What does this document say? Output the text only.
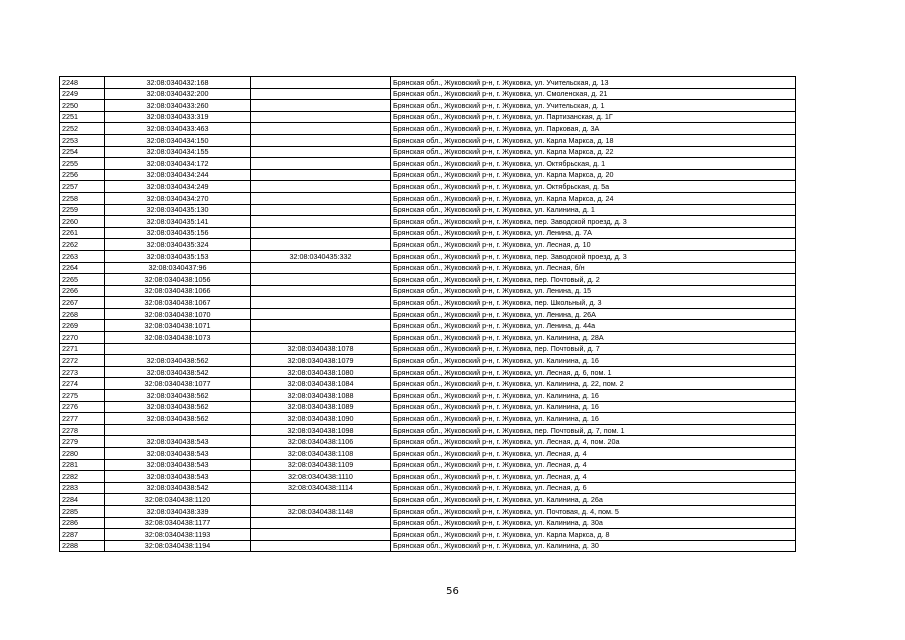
2248	32:08:0340432:168		Брянская обл., Жуковский р-н, г. Жуковка, ул. Учительская, д. 13
2249	32:08:0340432:200		Брянская обл., Жуковский р-н, г. Жуковка, ул. Смоленская, д. 21
2250	32:08:0340433:260		Брянская обл., Жуковский р-н, г. Жуковка, ул. Учительская, д. 1
2251	32:08:0340433:319		Брянская обл., Жуковский р-н, г. Жуковка, ул. Партизанская, д. 1Г
2252	32:08:0340433:463		Брянская обл., Жуковский р-н, г. Жуковка, ул. Парковая, д. 3А
2253	32:08:0340434:150		Брянская обл., Жуковский р-н, г. Жуковка, ул. Карла Маркса, д. 18
2254	32:08:0340434:155		Брянская обл., Жуковский р-н, г. Жуковка, ул. Карла Маркса, д. 22
2255	32:08:0340434:172		Брянская обл., Жуковский р-н, г. Жуковка, ул. Октябрьская, д. 1
2256	32:08:0340434:244		Брянская обл., Жуковский р-н, г. Жуковка, ул. Карла Маркса, д. 20
2257	32:08:0340434:249		Брянская обл., Жуковский р-н, г. Жуковка, ул. Октябрьская, д. 5а
2258	32:08:0340434:270		Брянская обл., Жуковский р-н, г. Жуковка, ул. Карла Маркса, д. 24
2259	32:08:0340435:130		Брянская обл., Жуковский р-н, г. Жуковка, ул. Калинина, д. 1
2260	32:08:0340435:141		Брянская обл., Жуковский р-н, г. Жуковка, пер. Заводской проезд, д. 3
2261	32:08:0340435:156		Брянская обл., Жуковский р-н, г. Жуковка, ул. Ленина, д. 7А
2262	32:08:0340435:324		Брянская обл., Жуковский р-н, г. Жуковка, ул. Лесная, д. 10
2263	32:08:0340435:153	32:08:0340435:332	Брянская обл., Жуковский р-н, г. Жуковка, пер. Заводской проезд, д. 3
2264	32:08:0340437:96		Брянская обл., Жуковский р-н, г. Жуковка, ул. Лесная, б/н
2265	32:08:0340438:1056		Брянская обл., Жуковский р-н, г. Жуковка, пер. Почтовый, д. 2
2266	32:08:0340438:1066		Брянская обл., Жуковский р-н, г. Жуковка, ул. Ленина, д. 15
2267	32:08:0340438:1067		Брянская обл., Жуковский р-н, г. Жуковка, пер. Школьный, д. 3
2268	32:08:0340438:1070		Брянская обл., Жуковский р-н, г. Жуковка, ул. Ленина, д. 26А
2269	32:08:0340438:1071		Брянская обл., Жуковский р-н, г. Жуковка, ул. Ленина, д. 44а
2270	32:08:0340438:1073		Брянская обл., Жуковский р-н, г. Жуковка, ул. Калинина, д. 28А
2271		32:08:0340438:1078	Брянская обл., Жуковский р-н, г. Жуковка, пер. Почтовый, д. 7
2272	32:08:0340438:562	32:08:0340438:1079	Брянская обл., Жуковский р-н, г. Жуковка, ул. Калинина, д. 16
2273	32:08:0340438:542	32:08:0340438:1080	Брянская обл., Жуковский р-н, г. Жуковка, ул. Лесная, д. 6, пом. 1
2274	32:08:0340438:1077	32:08:0340438:1084	Брянская обл., Жуковский р-н, г. Жуковка, ул. Калинина, д. 22, пом. 2
2275	32:08:0340438:562	32:08:0340438:1088	Брянская обл., Жуковский р-н, г. Жуковка, ул. Калинина, д. 16
2276	32:08:0340438:562	32:08:0340438:1089	Брянская обл., Жуковский р-н, г. Жуковка, ул. Калинина, д. 16
2277	32:08:0340438:562	32:08:0340438:1090	Брянская обл., Жуковский р-н, г. Жуковка, ул. Калинина, д. 16
2278		32:08:0340438:1098	Брянская обл., Жуковский р-н, г. Жуковка, пер. Почтовый, д. 7, пом. 1
2279	32:08:0340438:543	32:08:0340438:1106	Брянская обл., Жуковский р-н, г. Жуковка, ул. Лесная, д. 4, пом. 20а
2280	32:08:0340438:543	32:08:0340438:1108	Брянская обл., Жуковский р-н, г. Жуковка, ул. Лесная, д. 4
2281	32:08:0340438:543	32:08:0340438:1109	Брянская обл., Жуковский р-н, г. Жуковка, ул. Лесная, д. 4
2282	32:08:0340438:543	32:08:0340438:1110	Брянская обл., Жуковский р-н, г. Жуковка, ул. Лесная, д. 4
2283	32:08:0340438:542	32:08:0340438:1114	Брянская обл., Жуковский р-н, г. Жуковка, ул. Лесная, д. 6
2284	32:08:0340438:1120		Брянская обл., Жуковский р-н, г. Жуковка, ул. Калинина, д. 26а
2285	32:08:0340438:339	32:08:0340438:1148	Брянская обл., Жуковский р-н, г. Жуковка, ул. Почтовая, д. 4, пом. 5
2286	32:08:0340438:1177		Брянская обл., Жуковский р-н, г. Жуковка, ул. Калинина, д. 30а
2287	32:08:0340438:1193		Брянская обл., Жуковский р-н, г. Жуковка, ул. Карла Маркса, д. 8
2288	32:08:0340438:1194		Брянская обл., Жуковский р-н, г. Жуковка, ул. Калинина, д. 30
56
